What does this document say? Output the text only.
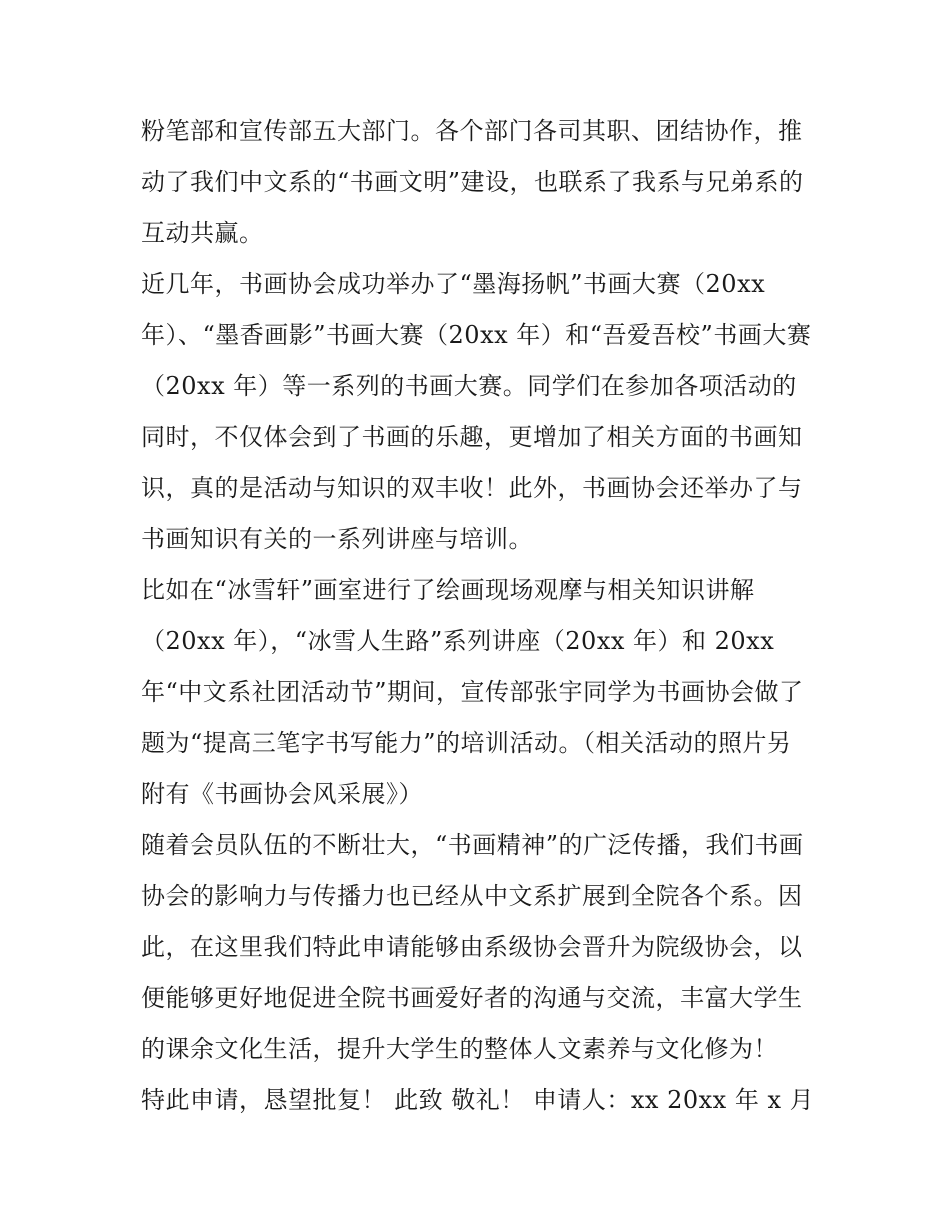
粉笔部和宣传部五大部门。各个部门各司其职、团结协作，推
动了我们中文系的“书画文明”建设，也联系了我系与兄弟系的
互动共赢。
近几年，书画协会成功举办了“墨海扬帆”书画大赛（20xx
年）、“墨香画影”书画大赛（20xx 年）和“吾爱吾校”书画大赛
（20xx 年）等一系列的书画大赛。同学们在参加各项活动的
同时，不仅体会到了书画的乐趣，更增加了相关方面的书画知
识，真的是活动与知识的双丰收！此外，书画协会还举办了与
书画知识有关的一系列讲座与培训。
比如在“冰雪轩”画室进行了绘画现场观摩与相关知识讲解
（20xx 年），“冰雪人生路”系列讲座（20xx 年）和 20xx
年“中文系社团活动节”期间，宣传部张宇同学为书画协会做了
题为“提高三笔字书写能力”的培训活动。（相关活动的照片另
附有《书画协会风采展》）
随着会员队伍的不断壮大，“书画精神”的广泛传播，我们书画
协会的影响力与传播力也已经从中文系扩展到全院各个系。因
此，在这里我们特此申请能够由系级协会晋升为院级协会，以
便能够更好地促进全院书画爱好者的沟通与交流，丰富大学生
的课余文化生活，提升大学生的整体人文素养与文化修为！
特此申请，恳望批复！ 此致 敬礼！ 申请人：xx 20xx 年 x 月
